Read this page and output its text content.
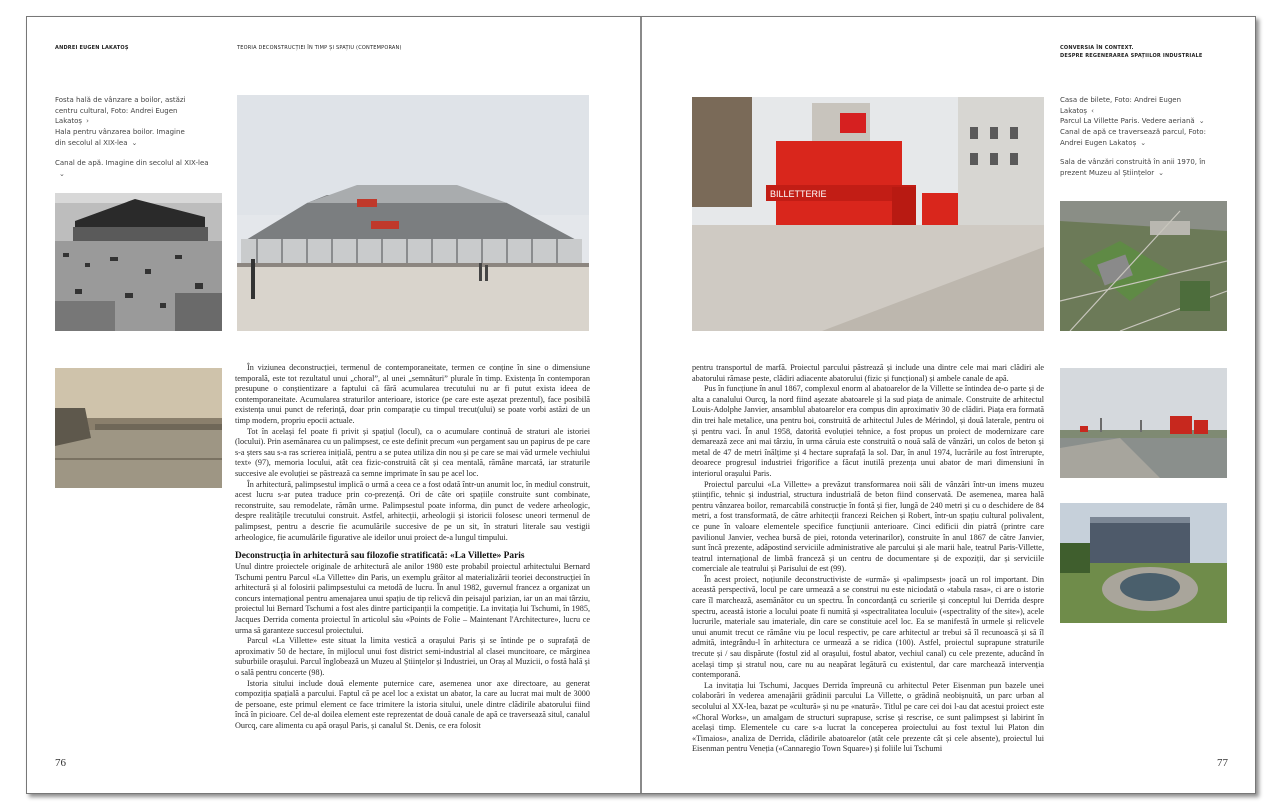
ANDREI EUGEN LAKATOȘ	TEORIA DECONSTRUCȚIEI ÎN TIMP ȘI SPAȚIU (CONTEMPORAN)
Fosta hală de vânzare a boilor, astăzi centru cultural, Foto: Andrei Eugen Lakatoș ›
Hala pentru vânzarea boilor. Imagine din secolul al XIX-lea ⌄
Canal de apă. Imagine din secolul al XIX-lea⌄

În viziunea deconstrucției, termenul de contemporaneitate, termen ce conține în sine o dimensiune temporală, este tot rezultatul unui „choral”, al unei „semnături” plurale în timp. Existența în contemporan presupune o conștientizare a faptului că fără acumularea trecutului nu ar fi putut exista ideea de contemporaneitate. Acumularea straturilor anterioare, istorice (pe care este așezat prezentul), face posibilă existența unui punct de referință, doar prin comparație cu timpul trecut(ului) se poate vorbi astăzi de un timp modern, propriu epocii actuale.

Tot în același fel poate fi privit și spațiul (locul), ca o acumulare continuă de straturi ale istoriei (locului). Prin asemănarea cu un palimpsest, ce este definit precum «un pergament sau un papirus de pe care s-a șters sau s-a ras scrierea inițială, pentru a se putea utiliza din nou și pe care se mai văd urmele vechiului text» (97), memoria locului, atât cea fizic-construită cât și cea mentală, rămâne marcată, iar straturile succesive ale evoluției se păstrează ca semne imprimate în sau pe acel loc.

În arhitectură, palimpsestul implică o urmă a ceea ce a fost odată într-un anumit loc, în mediul construit, acest lucru s-ar putea traduce prin co-prezență. Ori de câte ori spațiile construite sunt combinate, reconstruite, sau remodelate, rămân urme. Palimpsestul poate informa, din punct de vedere arheologic, despre realitățile trecutului construit. Astfel, arhitecții, arheologii și istoricii folosesc uneori termenul de palimpsest, pentru a descrie fie acumulările succesive de pe un sit, în straturi literale sau vestigii arheologice, fie acumulările figurative ale ideilor unui proiect de-a lungul timpului.

Deconstrucția în arhitectură sau filozofie stratificată: «La Villette» Paris

Unul dintre proiectele originale de arhitectură ale anilor 1980 este probabil proiectul arhitectului Bernard Tschumi pentru Parcul «La Villette» din Paris, un exemplu grăitor al materializării teoriei deconstrucției în arhitectură și al folosirii palimpsestului ca metodă de lucru. În anul 1982, guvernul francez a organizat un concurs internațional pentru amenajarea unui spațiu de tip relicvă din peisajul parizian, iar un an mai târziu, proiectul lui Bernard Tschumi a fost ales dintre participanții la competiție. La invitația lui Tschumi, în 1985, Jacques Derrida comenta proiectul în articolul său «Points de Folie – Maintenant l'Architecture», lucru ce urma să garanteze succesul proiectului.

Parcul «La Villette» este situat la limita vestică a orașului Paris și se întinde pe o suprafață de aproximativ 50 de hectare, în mijlocul unui fost district semi-industrial al clasei muncitoare, ce mărginea suburbiile orașului. Parcul înglobează un Muzeu al Științelor și Industriei, un Oraș al Muzicii, o fostă hală și o sală pentru concerte (98).

Istoria sitului include două elemente puternice care, asemenea unor axe directoare, au generat compoziția spațială a parcului. Faptul că pe acel loc a existat un abator, la care au lucrat mai mult de 3000 de persoane, este primul element ce face trimitere la istoria sitului, unele dintre clădirile abatorului fiind încă în picioare. Cel de-al doilea element este reprezentat de două canale de apă ce traversează situl, canalul Ourcq, care alimenta cu apă orașul Paris, și canalul St. Denis, ce era folosit

76
CONVERSIA ÎN CONTEXT.
DESPRE REGENERAREA SPAȚIILOR INDUSTRIALE
BILLETTERIE
Casa de bilete, Foto: Andrei Eugen Lakatoș ‹
Parcul La Villette Paris. Vedere aeriană ⌄
Canal de apă ce traversează parcul, Foto: Andrei Eugen Lakatoș ⌄
Sala de vânzări construită în anii 1970, în prezent Muzeu al Științelor ⌄

pentru transportul de marfă. Proiectul parcului păstrează și include una dintre cele mai mari clădiri ale abatorului rămase peste, clădiri adiacente abatorului (fizic și funcțional) și ambele canale de apă.

Pus în funcțiune în anul 1867, complexul enorm al abatoarelor de la Villette se întindea de-o parte și de alta a canalului Ourcq, la nord fiind așezate abatoarele și la sud piața de animale. Construite de arhitectul Louis-Adolphe Janvier, ansamblul abatoarelor era compus din aproximativ 30 de clădiri. Piața era formată din trei hale metalice, una pentru boi, construită de arhitectul Jules de Mérindol, și două laterale, pentru oi și pentru vaci. În anul 1958, datorită evoluției tehnice, a fost propus un proiect de modernizare care demarează zece ani mai târziu, în urma căruia este construită o nouă sală de vânzări, un colos de beton și metal de 47 de metri înălțime și 4 hectare suprafață la sol. Dar, în anul 1974, lucrările au fost întrerupte, deoarece progresul industriei frigorifice a făcut inutilă prezența unui abator de mari dimensiuni în interiorul orașului Paris.

Proiectul parcului «La Villette» a prevăzut transformarea noii săli de vânzări într-un imens muzeu științific, tehnic și industrial, structura industrială de beton fiind conservată. De asemenea, marea hală pentru vânzarea boilor, remarcabilă construcție în fontă și fier, lungă de 240 metri și cu o deschidere de 84 metri, a fost transformată, de către arhitecții francezi Reichen și Robert, într-un spațiu cultural polivalent, ce pune în valoare elementele specifice funcțiunii anterioare. Cinci edificii din piatră (printre care pavilionul Janvier, vechea bursă de piei, rotonda veterinarilor), construite în anul 1867 de către Janvier, sunt încă prezente, adăpostind serviciile administrative ale parcului și ale marii hale, teatrul Paris-Villette, teatrul internațional de limbă franceză și un centru de documentare și de expoziții, dar și serviciile comerciale ale teatrului și Parisului de est (99).

În acest proiect, noțiunile deconstructiviste de «urmă» și «palimpsest» joacă un rol important. Din această perspectivă, locul pe care urmează a se construi nu este niciodată o «tabula rasa», ci are o istorie care îl marchează, asemănător cu un spectru. În concordanță cu scrierile și conceptul lui Derrida despre spectru, această istorie a locului poate fi numită și «spectralitatea locului» («spectrality of the site»), acele lucrurile, materiale sau imateriale, din care se constituie acel loc. Ea se manifestă în urmele și relicvele unui anumit trecut ce rămâne viu pe locul respectiv, pe care arhitectul ar trebui să îl recunoască și să îl admită, integrându-l în arhitectura ce urmează a se ridica (100). Astfel, proiectul suprapune straturile trecute și / sau dispărute (fostul zid al orașului, fostul abator, vechiul canal) cu cele prezente, aducând în același timp și stratul nou, care nu au neapărat legătură cu existentul, dar care marchează intervenția contemporană.

La invitația lui Tschumi, Jacques Derrida împreună cu arhitectul Peter Eisenman pun bazele unei colaborări în vederea amenajării grădinii parcului La Villette, o grădină neobișnuită, un parc urban al secolului al XX-lea, bazat pe «cultură» și nu pe «natură». Titlul pe care cei doi l-au dat acestui proiect este «Choral Works», un amalgam de structuri suprapuse, scrise și rescrise, ce sunt palimpsest și labirint în același timp. Elementele cu care s-a lucrat la conceperea proiectului au fost textul lui Platon din «Timaios», analiza de Derrida, clădirile abatoarelor (atât cele prezente cât și cele absente), proiectul lui Eisenman pentru Veneția («Cannaregio Town Square») și foliile lui Tschumi

77
